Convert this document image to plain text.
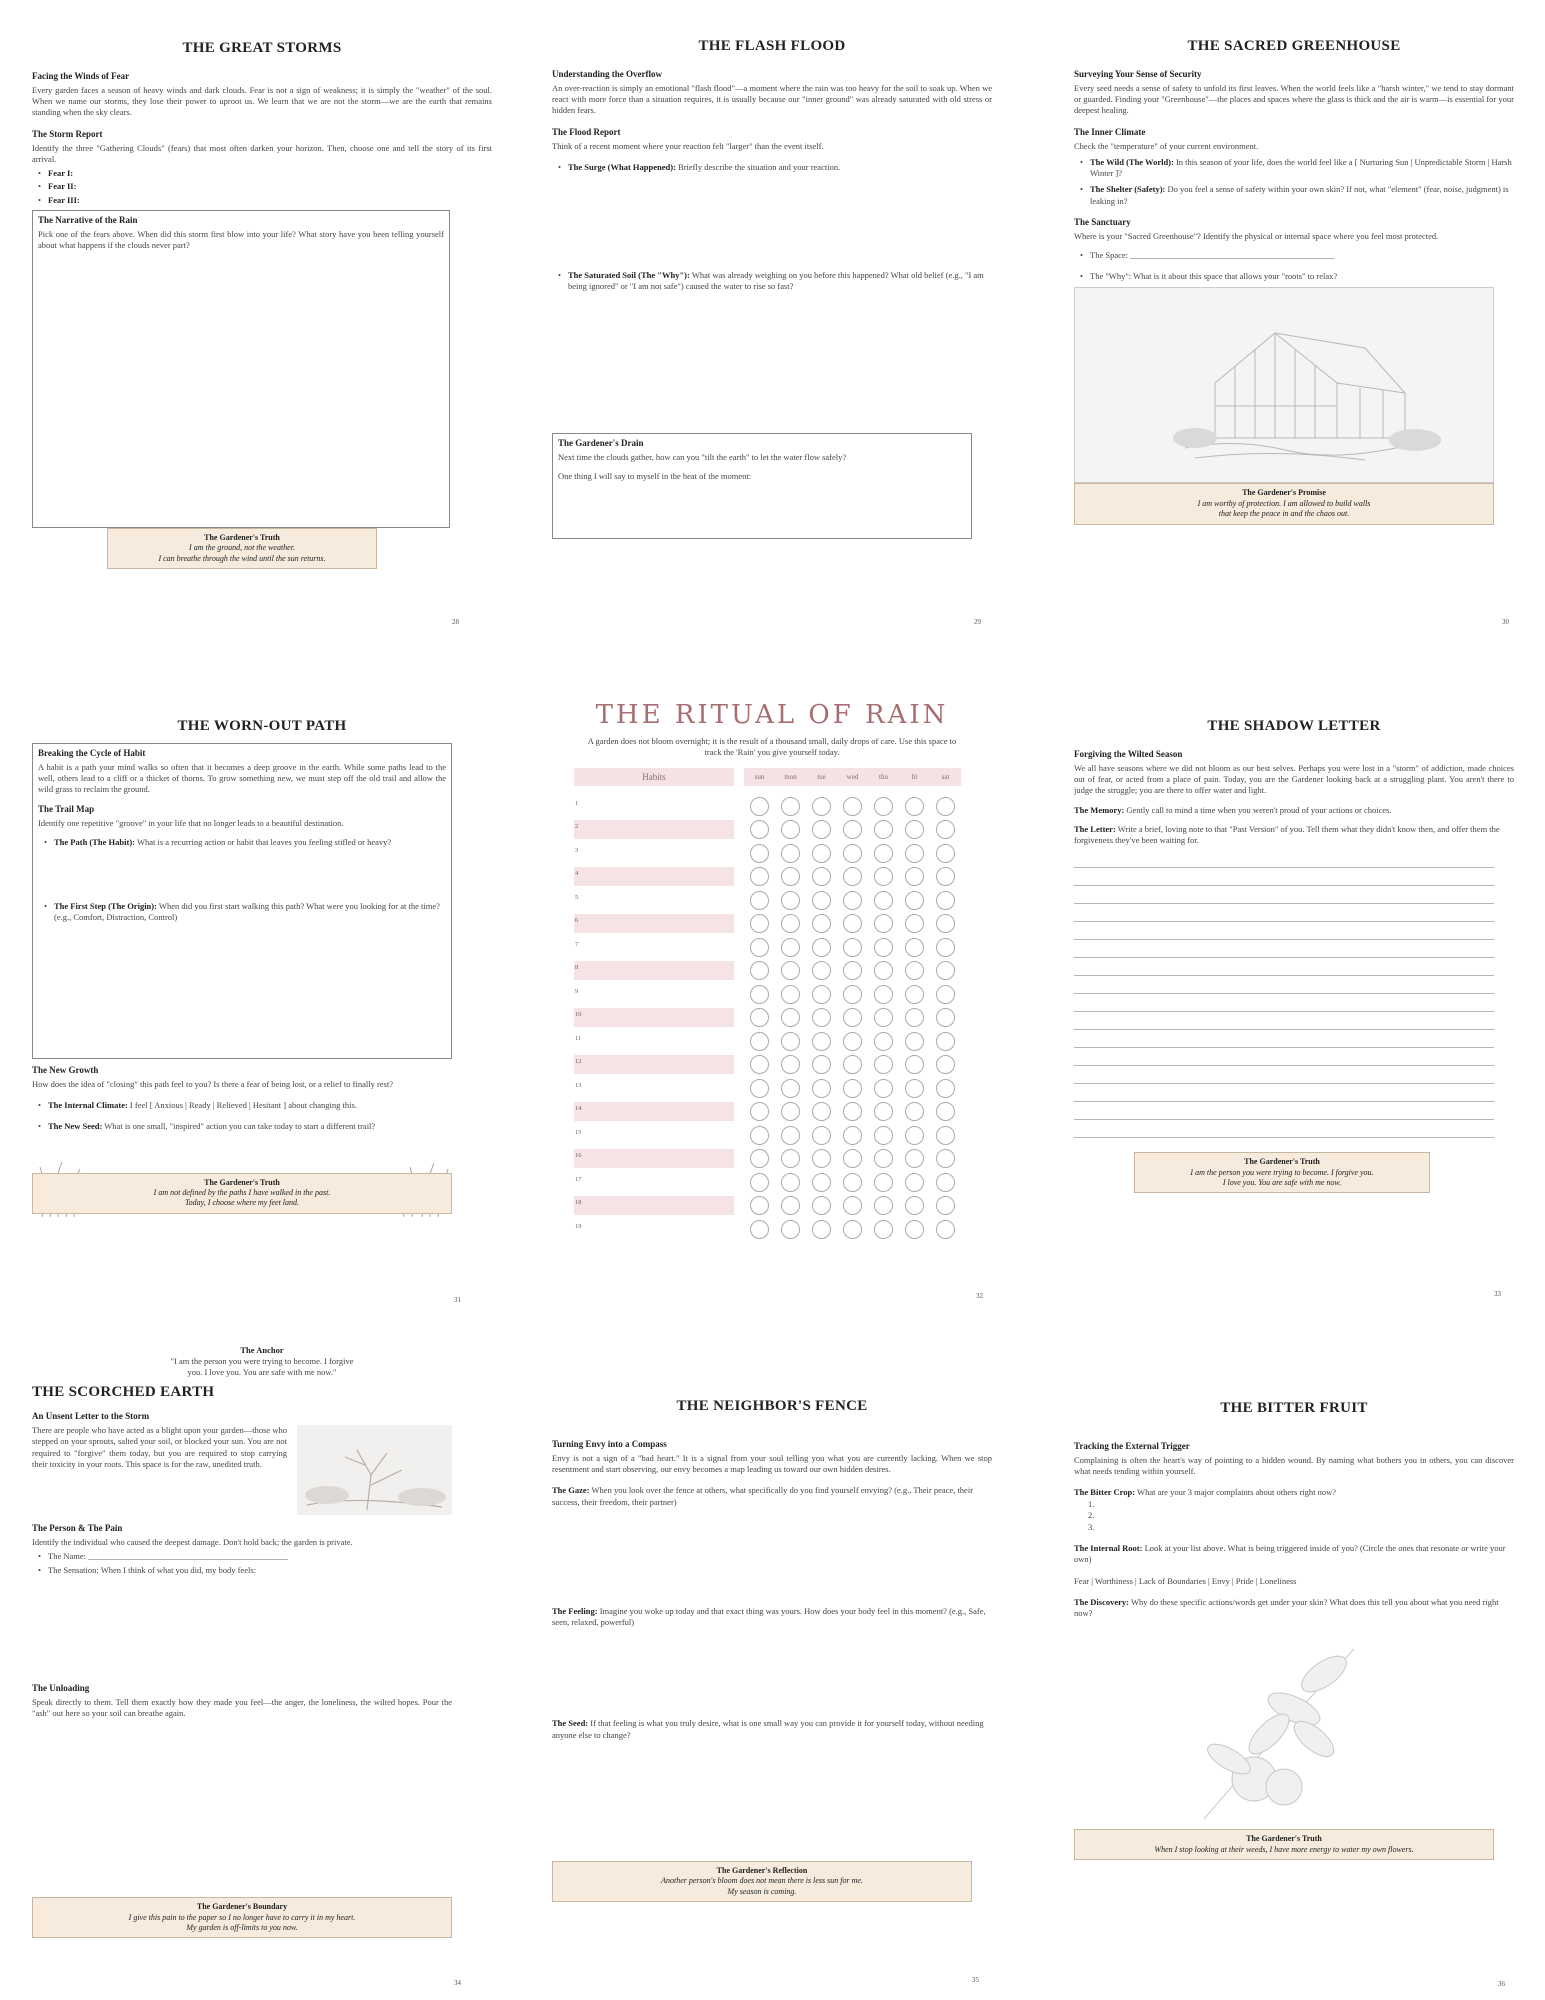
THE GREAT STORMS
Facing the Winds of Fear
Every garden faces a season of heavy winds and dark clouds. Fear is not a sign of weakness; it is simply the "weather" of the soul. When we name our storms, they lose their power to uproot us. We learn that we are not the storm—we are the earth that remains standing when the sky clears.
The Storm Report
Identify the three "Gathering Clouds" (fears) that most often darken your horizon. Then, choose one and tell the story of its first arrival.
• Fear I:
• Fear II:
• Fear III:
The Narrative of the Rain
Pick one of the fears above. When did this storm first blow into your life? What story have you been telling yourself about what happens if the clouds never part?
The Gardener's Truth
I am the ground, not the weather.
I can breathe through the wind until the sun returns.
28
THE FLASH FLOOD
Understanding the Overflow
An over-reaction is simply an emotional "flash flood"—a moment where the rain was too heavy for the soil to soak up. When we react with more force than a situation requires, it is usually because our "inner ground" was already saturated with old stress or hidden fears.
The Flood Report
Think of a recent moment where your reaction felt "larger" than the event itself.
• The Surge (What Happened): Briefly describe the situation and your reaction.
• The Saturated Soil (The "Why"): What was already weighing on you before this happened? What old belief (e.g., "I am being ignored" or "I am not safe") caused the water to rise so fast?
The Gardener's Drain
Next time the clouds gather, how can you "tilt the earth" to let the water flow safely?
One thing I will say to myself in the heat of the moment:
29
THE SACRED GREENHOUSE
Surveying Your Sense of Security
Every seed needs a sense of safety to unfold its first leaves. When the world feels like a "harsh winter," we tend to stay dormant or guarded. Finding your "Greenhouse"—the places and spaces where the glass is thick and the air is warm—is essential for your deepest healing.
The Inner Climate
Check the "temperature" of your current environment.
• The Wild (The World): In this season of your life, does the world feel like a [ Nurturing Sun | Unpredictable Storm | Harsh Winter ]?
• The Shelter (Safety): Do you feel a sense of safety within your own skin? If not, what "element" (fear, noise, judgment) is leaking in?
The Sanctuary
Where is your "Sacred Greenhouse"? Identify the physical or internal space where you feel most protected.
• The Space: ________________________________________________
• The "Why": What is it about this space that allows your "roots" to relax?
The Gardener's Promise
I am worthy of protection. I am allowed to build walls
that keep the peace in and the chaos out.
30
THE WORN-OUT PATH
Breaking the Cycle of Habit
A habit is a path your mind walks so often that it becomes a deep groove in the earth. While some paths lead to the well, others lead to a cliff or a thicket of thorns. To grow something new, we must step off the old trail and allow the wild grass to reclaim the ground.
The Trail Map
Identify one repetitive "groove" in your life that no longer leads to a beautiful destination.
• The Path (The Habit): What is a recurring action or habit that leaves you feeling stifled or heavy?
• The First Step (The Origin): When did you first start walking this path? What were you looking for at the time? (e.g., Comfort, Distraction, Control)
The New Growth
How does the idea of "closing" this path feel to you? Is there a fear of being lost, or a relief to finally rest?
• The Internal Climate: I feel [ Anxious | Ready | Relieved | Hesitant ] about changing this.
• The New Seed: What is one small, "inspired" action you can take today to start a different trail?
The Gardener's Truth
I am not defined by the paths I have walked in the past.
Today, I choose where my feet land.
31
THE RITUAL OF RAIN
A garden does not bloom overnight; it is the result of a thousand small, daily drops of care. Use this space to track the 'Rain' you give yourself today.
Habits	sun	mon	tue	wed	thu	fri	sat
1
2
3
4
5
6
7
8
9
10
11
12
13
14
15
16
17
18
19
32
THE SHADOW LETTER
Forgiving the Wilted Season
We all have seasons where we did not bloom as our best selves. Perhaps you were lost in a "storm" of addiction, made choices out of fear, or acted from a place of pain. Today, you are the Gardener looking back at a struggling plant. You aren't there to judge the struggle; you are there to offer water and light.
The Memory: Gently call to mind a time when you weren't proud of your actions or choices.
The Letter: Write a brief, loving note to that "Past Version" of you. Tell them what they didn't know then, and offer them the forgiveness they've been waiting for.
The Gardener's Truth
I am the person you were trying to become. I forgive you.
I love you. You are safe with me now.
33
The Anchor
"I am the person you were trying to become. I forgive
you. I love you. You are safe with me now."
THE SCORCHED EARTH
An Unsent Letter to the Storm
There are people who have acted as a blight upon your garden—those who stepped on your sprouts, salted your soil, or blocked your sun. You are not required to "forgive" them today, but you are required to stop carrying their toxicity in your roots. This space is for the raw, unedited truth.
The Person & The Pain
Identify the individual who caused the deepest damage. Don't hold back; the garden is private.
• The Name: _______________________________________________
• The Sensation: When I think of what you did, my body feels:
The Unloading
Speak directly to them. Tell them exactly how they made you feel—the anger, the loneliness, the wilted hopes. Pour the "ash" out here so your soil can breathe again.
The Gardener's Boundary
I give this pain to the paper so I no longer have to carry it in my heart.
My garden is off-limits to you now.
34
THE NEIGHBOR'S FENCE
Turning Envy into a Compass
Envy is not a sign of a "bad heart." It is a signal from your soul telling you what you are currently lacking. When we stop resentment and start observing, our envy becomes a map leading us toward our own hidden desires.
The Gaze: When you look over the fence at others, what specifically do you find yourself envying? (e.g., Their peace, their success, their freedom, their partner)
The Feeling: Imagine you woke up today and that exact thing was yours. How does your body feel in this moment? (e.g., Safe, seen, relaxed, powerful)
The Seed: If that feeling is what you truly desire, what is one small way you can provide it for yourself today, without needing anyone else to change?
The Gardener's Reflection
Another person's bloom does not mean there is less sun for me.
My season is coming.
35
THE BITTER FRUIT
Tracking the External Trigger
Complaining is often the heart's way of pointing to a hidden wound. By naming what bothers you in others, you can discover what needs tending within yourself.
The Bitter Crop: What are your 3 major complaints about others right now?
1.
2.
3.
The Internal Root: Look at your list above. What is being triggered inside of you? (Circle the ones that resonate or write your own)
Fear | Worthiness | Lack of Boundaries | Envy | Pride | Loneliness
The Discovery: Why do these specific actions/words get under your skin? What does this tell you about what you need right now?
The Gardener's Truth
When I stop looking at their weeds, I have more energy to water my own flowers.
36
